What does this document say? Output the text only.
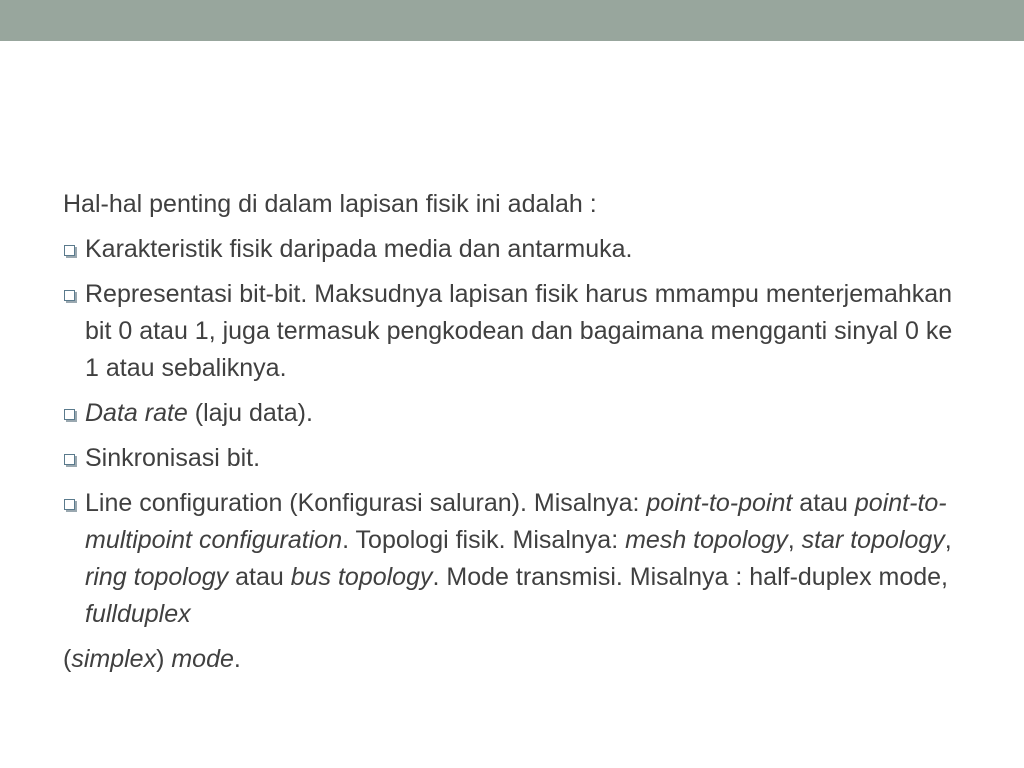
Hal-hal penting di dalam lapisan fisik ini adalah :

Karakteristik fisik daripada media dan antarmuka.
Representasi bit-bit. Maksudnya lapisan fisik harus mmampu menterjemahkan bit 0 atau 1, juga termasuk pengkodean dan bagaimana mengganti sinyal 0 ke 1 atau sebaliknya.
Data rate (laju data).
Sinkronisasi bit.
Line configuration (Konfigurasi saluran). Misalnya: point-to-point atau point-to-multipoint configuration. Topologi fisik. Misalnya: mesh topology, star topology, ring topology atau bus topology. Mode transmisi. Misalnya : half-duplex mode, fullduplex

(simplex) mode.
